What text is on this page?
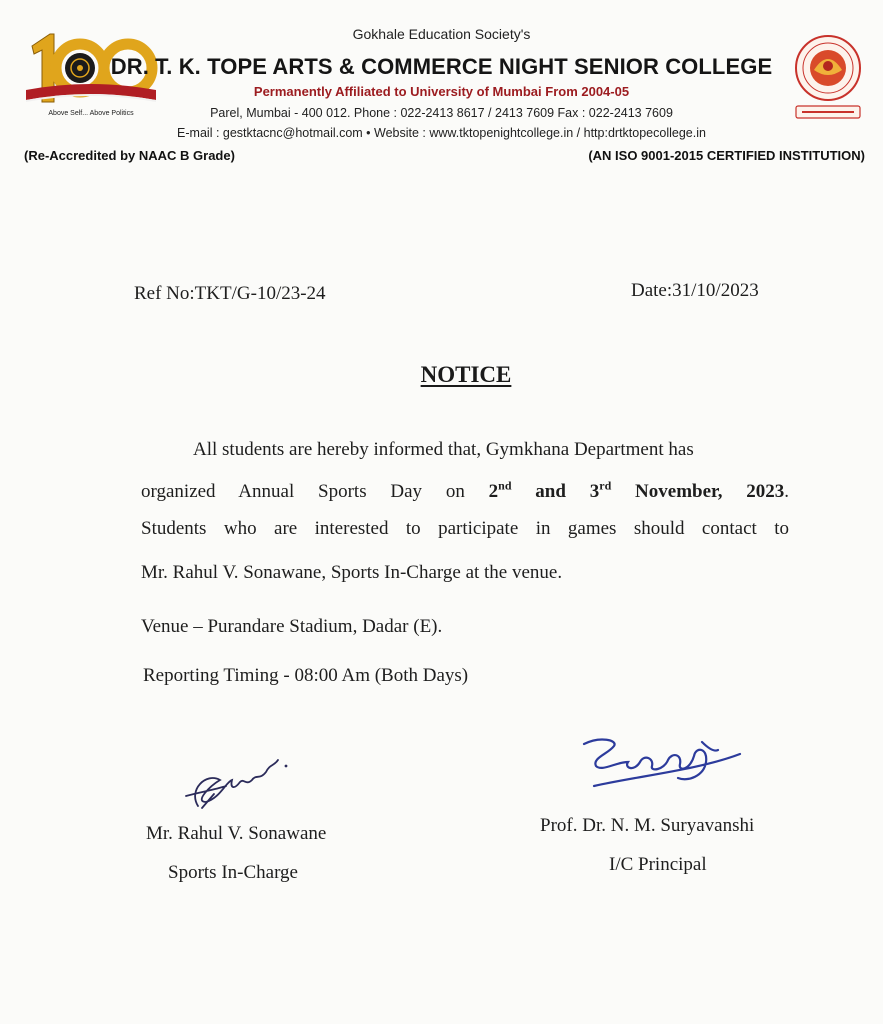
Above Self... Above Politics
Gokhale Education Society's
DR. T. K. TOPE ARTS & COMMERCE NIGHT SENIOR COLLEGE
Permanently Affiliated to University of Mumbai From 2004-05
Parel, Mumbai - 400 012. Phone : 022-2413 8617 / 2413 7609 Fax : 022-2413 7609
E-mail : gestktacnc@hotmail.com • Website : www.tktopenightcollege.in / http:drtktopecollege.in
(Re-Accredited by NAAC B Grade)	(AN ISO 9001-2015 CERTIFIED INSTITUTION)
Ref No:TKT/G-10/23-24	Date:31/10/2023
NOTICE
All students are hereby informed that, Gymkhana Department has
organized Annual Sports Day on 2nd and 3rd November, 2023.
Students who are interested to participate in games should contact to
Mr. Rahul V. Sonawane, Sports In-Charge at the venue.
Venue – Purandare Stadium, Dadar (E).
Reporting Timing - 08:00 Am (Both Days)
Mr. Rahul V. Sonawane
Sports In-Charge
Prof. Dr. N. M. Suryavanshi
I/C Principal
